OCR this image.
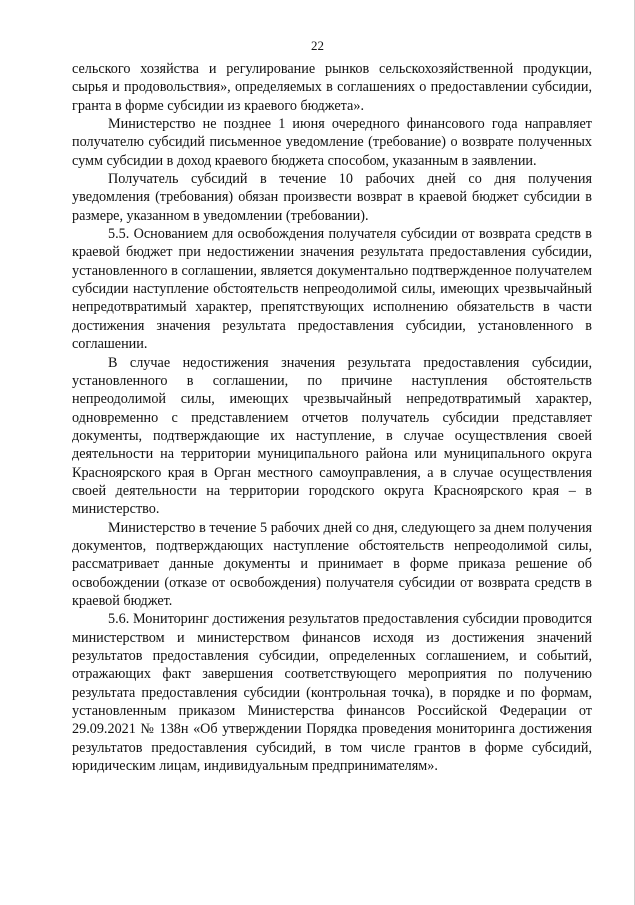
22

сельского хозяйства и регулирование рынков сельскохозяйственной продукции, сырья и продовольствия», определяемых в соглашениях о предоставлении субсидии, гранта в форме субсидии из краевого бюджета».

Министерство не позднее 1 июня очередного финансового года направляет получателю субсидий письменное уведомление (требование) о возврате полученных сумм субсидии в доход краевого бюджета способом, указанным в заявлении.

Получатель субсидий в течение 10 рабочих дней со дня получения уведомления (требования) обязан произвести возврат в краевой бюджет субсидии в размере, указанном в уведомлении (требовании).

5.5. Основанием для освобождения получателя субсидии от возврата средств в краевой бюджет при недостижении значения результата предоставления субсидии, установленного в соглашении, является документально подтвержденное получателем субсидии наступление обстоятельств непреодолимой силы, имеющих чрезвычайный непредотвратимый характер, препятствующих исполнению обязательств в части достижения значения результата предоставления субсидии, установленного в соглашении.

В случае недостижения значения результата предоставления субсидии, установленного в соглашении, по причине наступления обстоятельств непреодолимой силы, имеющих чрезвычайный непредотвратимый характер, одновременно с представлением отчетов получатель субсидии представляет документы, подтверждающие их наступление, в случае осуществления своей деятельности на территории муниципального района или муниципального округа Красноярского края в Орган местного самоуправления, а в случае осуществления своей деятельности на территории городского округа Красноярского края – в министерство.

Министерство в течение 5 рабочих дней со дня, следующего за днем получения документов, подтверждающих наступление обстоятельств непреодолимой силы, рассматривает данные документы и принимает в форме приказа решение об освобождении (отказе от освобождения) получателя субсидии от возврата средств в краевой бюджет.

5.6. Мониторинг достижения результатов предоставления субсидии проводится министерством и министерством финансов исходя из достижения значений результатов предоставления субсидии, определенных соглашением, и событий, отражающих факт завершения соответствующего мероприятия по получению результата предоставления субсидии (контрольная точка), в порядке и по формам, установленным приказом Министерства финансов Российской Федерации от 29.09.2021 № 138н «Об утверждении Порядка проведения мониторинга достижения результатов предоставления субсидий, в том числе грантов в форме субсидий, юридическим лицам, индивидуальным предпринимателям».
